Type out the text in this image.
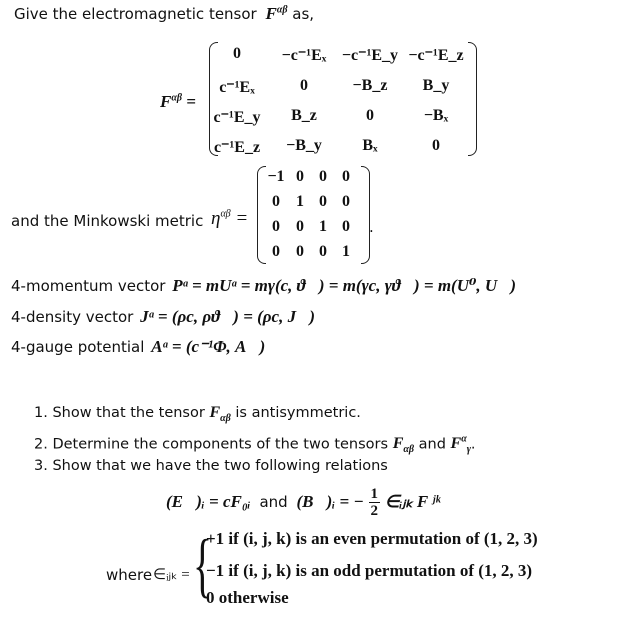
Give the electromagnetic tensor $F^{\alpha\beta}$ as,
$F^{\alpha\beta}$ =
0	−c⁻¹Eₓ −c⁻¹E_y −c⁻¹E_z
c⁻¹Eₓ	0	−B_z	B_y
c⁻¹E_y	B_z	0	−Bₓ
c⁻¹E_z	−B_y	Bₓ	0
and the Minkowski metric $\eta^{\alpha\beta}$ =
−1 0 0 0
0	1 0 0
0	0 1 0
0	0 0 1
.
4-momentum vector Pᵅ = mUᵅ = mγ(c, ϑ⃗) = m(γc, γϑ⃗) = m(U⁰, U⃗)
4-density vector Jᵅ = (ρc, ρϑ⃗) = (ρc, J⃗)
4-gauge potential Aᵅ = (c⁻¹Φ, A⃗)
1. Show that the tensor $F_{\alpha\beta}$ is antisymmetric.
2. Determine the components of the two tensors $F_{\alpha\beta}$ and $F^\alpha_\gamma$.
3. Show that we have the two following relations
(E⃗)ᵢ = cF₀ᵢ and (B⃗)ᵢ = − $\frac{1}{2}$ ∈ᵢⱼₖ F ʲᵏ
where ∈ᵢⱼₖ = {
+1 if (i, j, k) is an even permutation of (1, 2, 3)
−1 if (i, j, k) is an odd permutation of (1, 2, 3)
0 otherwise
